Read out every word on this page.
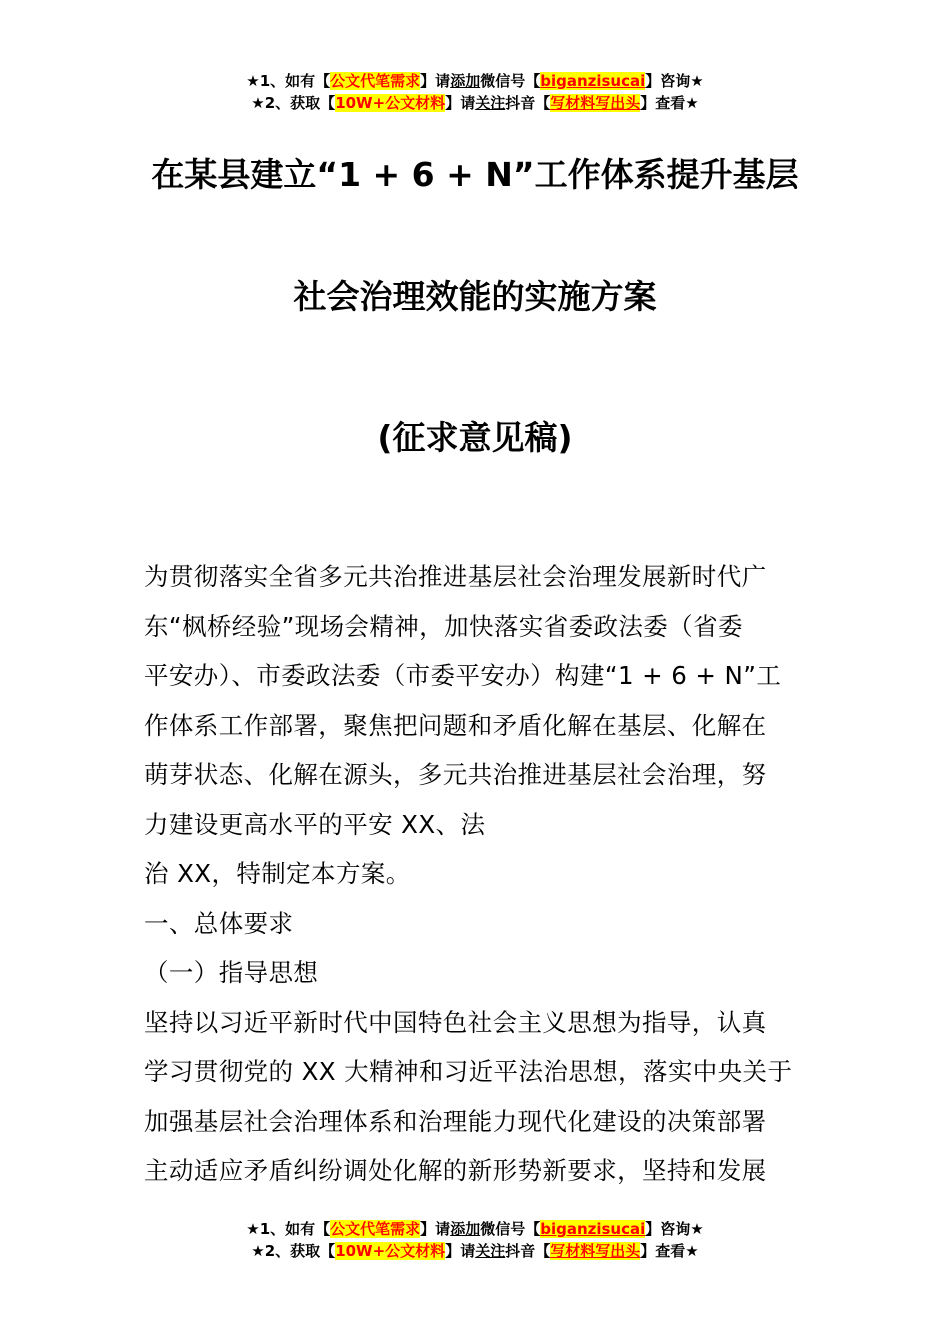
★1、如有【公文代笔需求】请添加微信号【biganzisucai】咨询★
★2、获取【10W+公文材料】请关注抖音【写材料写出头】查看★
在某县建立“1 + 6 + N”工作体系提升基层
社会治理效能的实施方案
(征求意见稿)

为贯彻落实全省多元共治推进基层社会治理发展新时代广

东“枫桥经验”现场会精神，加快落实省委政法委（省委

平安办）、市委政法委（市委平安办）构建“1 + 6 + N”工

作体系工作部署，聚焦把问题和矛盾化解在基层、化解在

萌芽状态、化解在源头，多元共治推进基层社会治理，努

力建设更高水平的平安 XX、法

治 XX，特制定本方案。

一、总体要求

（一）指导思想

坚持以习近平新时代中国特色社会主义思想为指导，认真

学习贯彻党的 XX 大精神和习近平法治思想，落实中央关于

加强基层社会治理体系和治理能力现代化建设的决策部署

主动适应矛盾纠纷调处化解的新形势新要求，坚持和发展

★1、如有【公文代笔需求】请添加微信号【biganzisucai】咨询★
★2、获取【10W+公文材料】请关注抖音【写材料写出头】查看★
